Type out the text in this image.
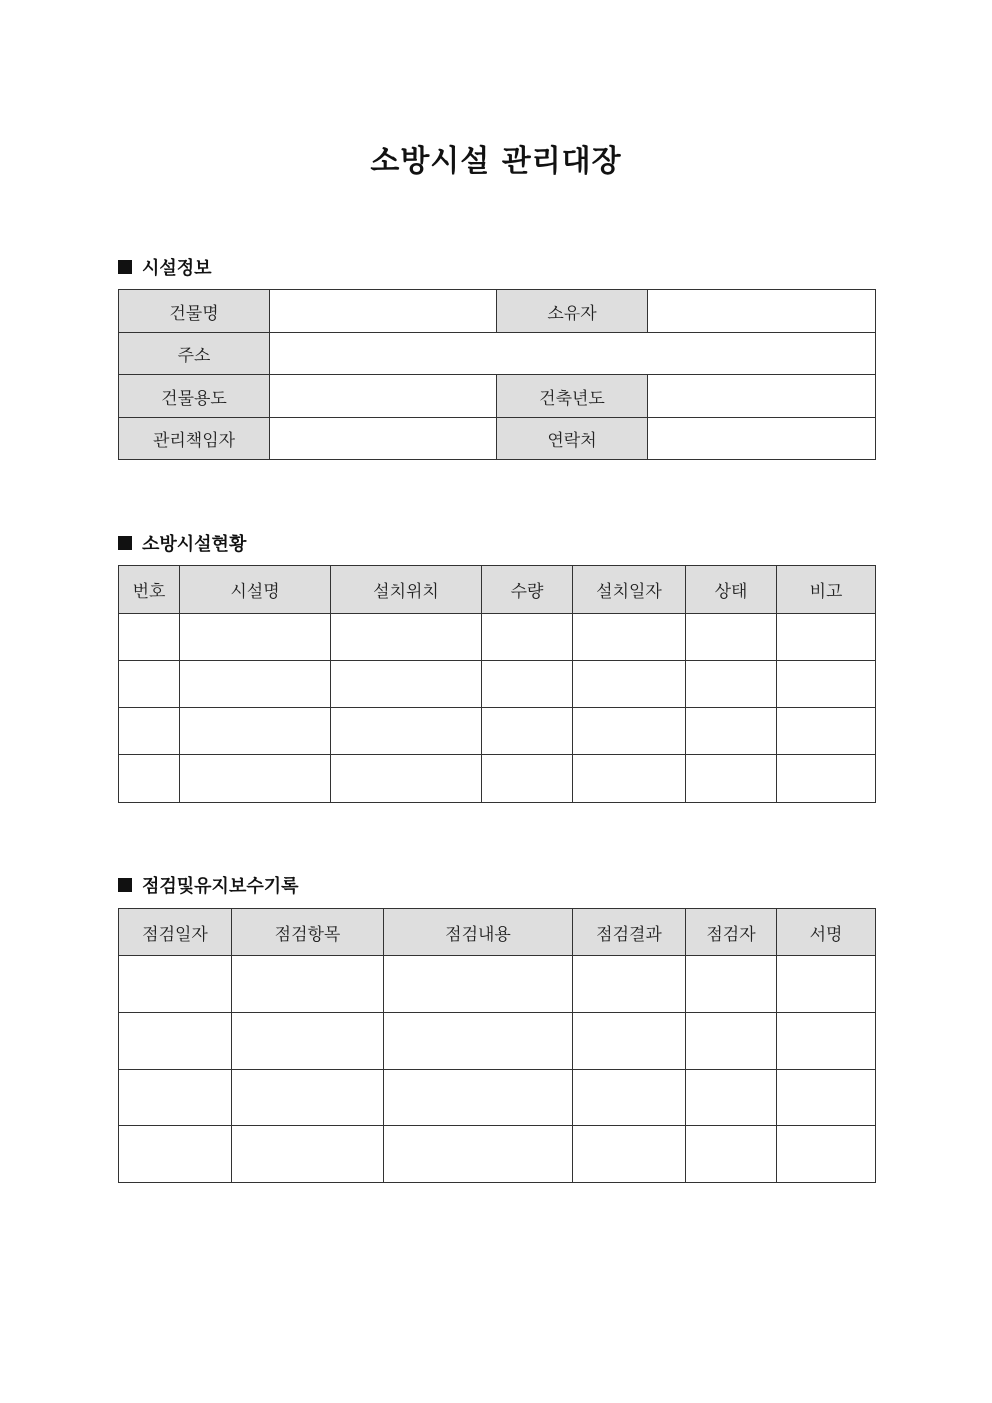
소방시설 관리대장
시설정보
건물명		소유자	
주소			
건물용도		건축년도	
관리책임자		연락처	
소방시설현황
번호	시설명	설치위치	수량	설치일자	상태	비고

점검및유지보수기록
점검일자	점검항목	점검내용	점검결과	점검자	서명
